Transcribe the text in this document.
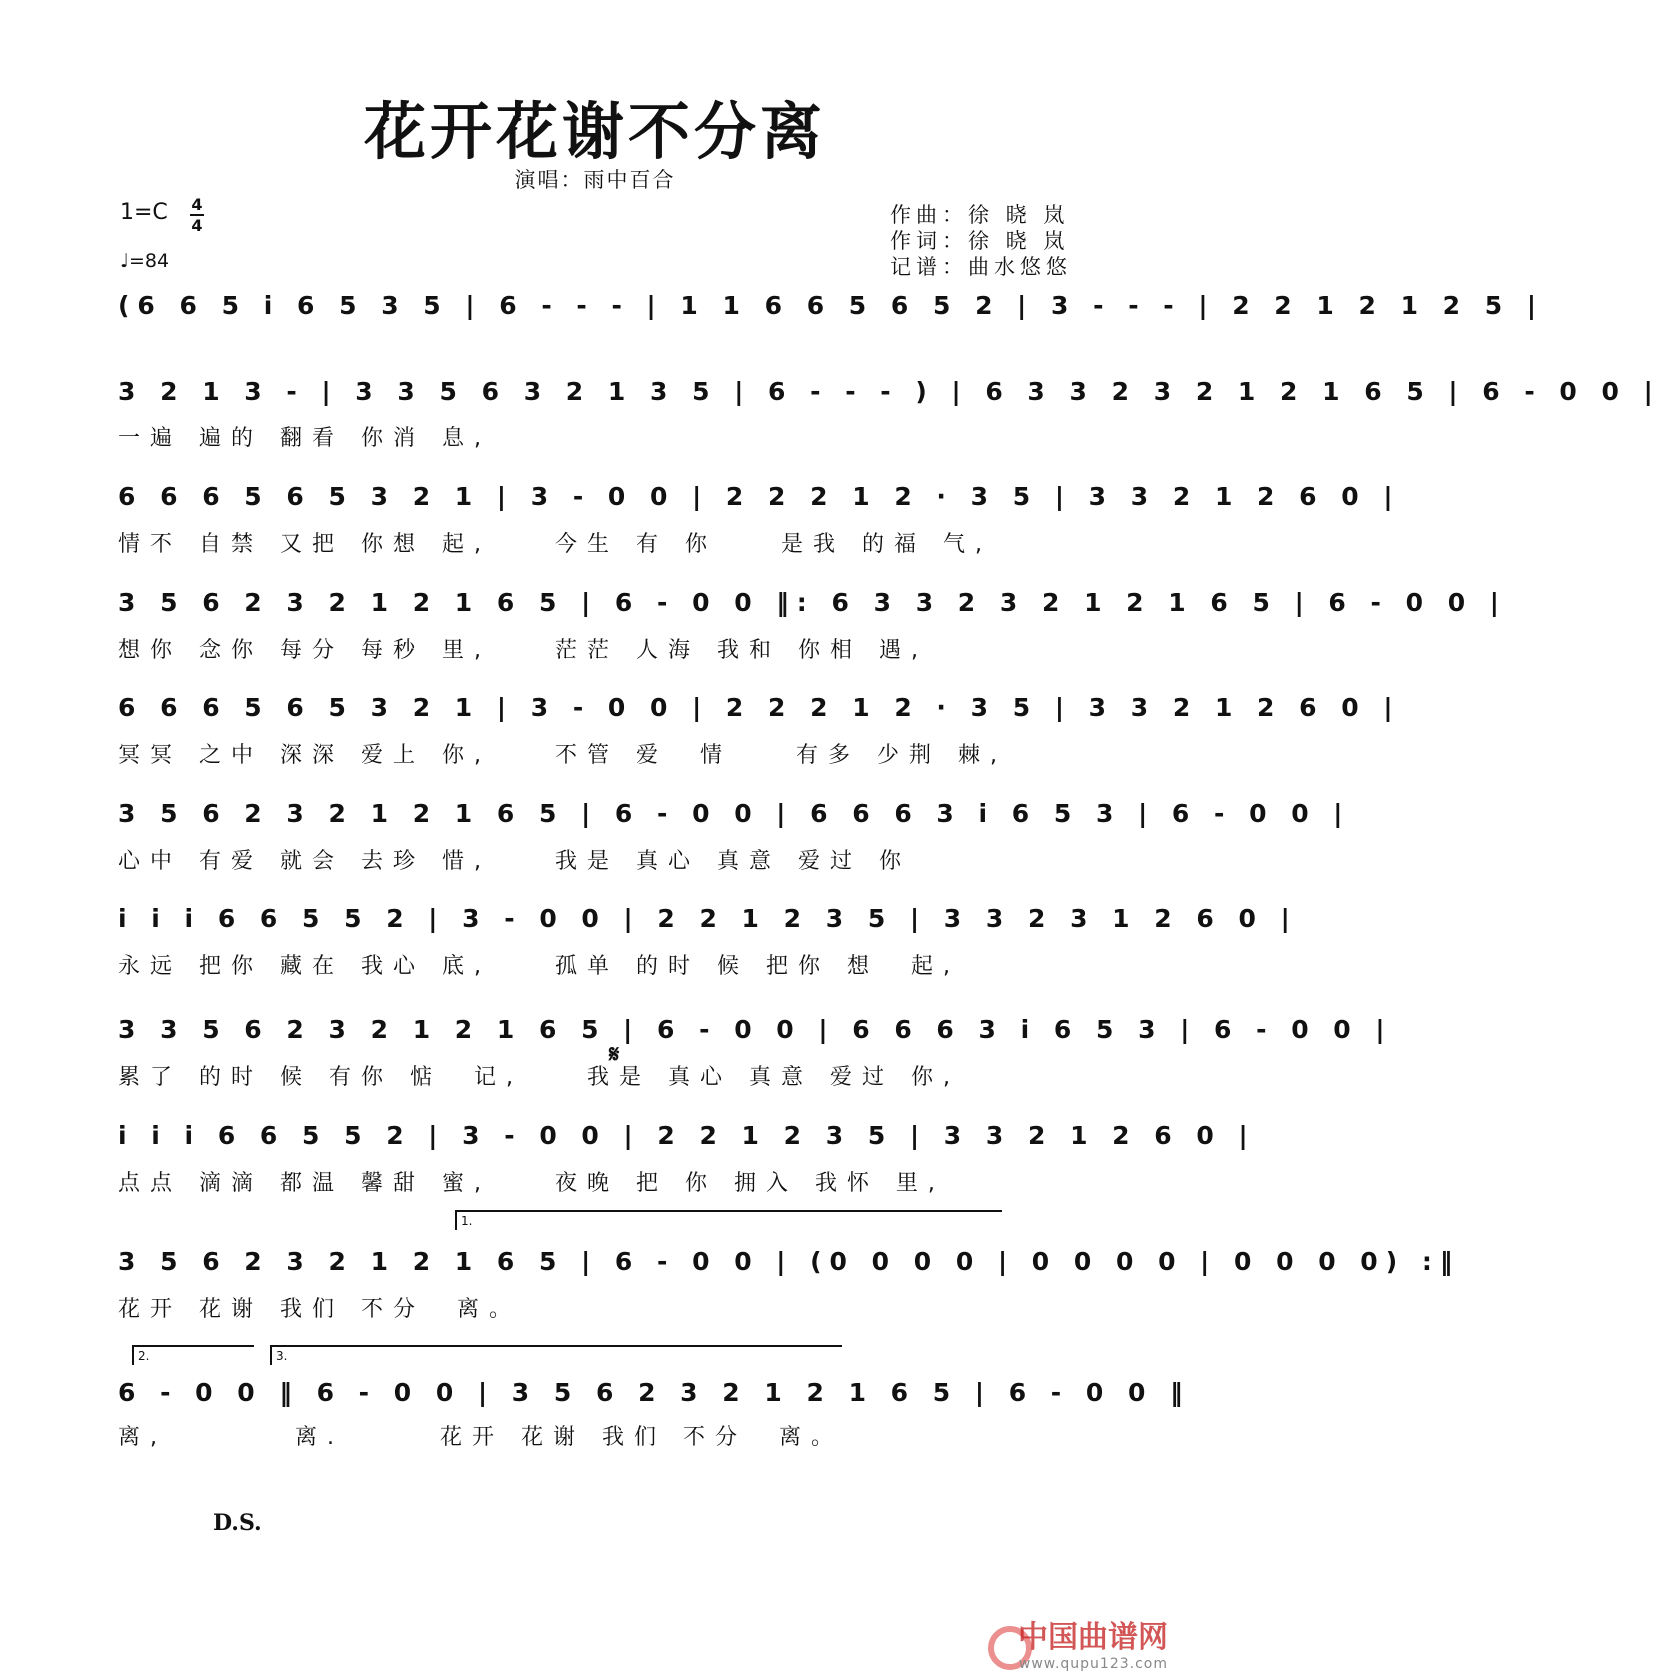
花开花谢不分离
演唱：雨中百合
1=C 4
4
♩=84
作曲：徐 晓 岚
作词：徐 晓 岚
记谱：曲水悠悠
(6 6 5 i 6 5 3 5 | 6 - - - | 1 1 6 6 5 6 5 2 | 3 - - - | 2 2 1 2 1 2 5 |
3 2 1 3 - | 3 3 5 6 3 2 1 3 5 | 6 - - - ) | 6 3 3 2 3 2 1 2 1 6 5 | 6 - 0 0 |
一遍 遍的 翻看 你消 息,
6 6 6 5 6 5 3 2 1 | 3 - 0 0 | 2 2 2 1 2 · 3 5 | 3 3 2 1 2 6 0 |
情不 自禁 又把 你想 起,　　今生 有 你　　是我 的福 气,
3 5 6 2 3 2 1 2 1 6 5 | 6 - 0 0 ‖: 6 3 3 2 3 2 1 2 1 6 5 | 6 - 0 0 |
想你 念你 每分 每秒 里,　　茫茫 人海 我和 你相 遇,
6 6 6 5 6 5 3 2 1 | 3 - 0 0 | 2 2 2 1 2 · 3 5 | 3 3 2 1 2 6 0 |
冥冥 之中 深深 爱上 你,　　不管 爱　情　　有多 少荆 棘,
3 5 6 2 3 2 1 2 1 6 5 | 6 - 0 0 | 6 6 6 3 i 6 5 3 | 6 - 0 0 |
心中 有爱 就会 去珍 惜,　　我是 真心 真意 爱过 你
i i i 6 6 5 5 2 | 3 - 0 0 | 2 2 1 2 3 5 | 3 3 2 3 1 2 6 0 |
永远 把你 藏在 我心 底,　　孤单 的时 候 把你 想　起,
3 3 5 6 2 3 2 1 2 1 6 5 | 6 - 0 0 | 6 6 6 3 i 6 5 3 | 6 - 0 0 |
累了 的时 候 有你 惦　记,　　我是 真心 真意 爱过 你,
i i i 6 6 5 5 2 | 3 - 0 0 | 2 2 1 2 3 5 | 3 3 2 1 2 6 0 |
点点 滴滴 都温 馨甜 蜜,　　夜晚 把 你 拥入 我怀 里,
3 5 6 2 3 2 1 2 1 6 5 | 6 - 0 0 | (0 0 0 0 | 0 0 0 0 | 0 0 0 0) :‖
花开 花谢 我们 不分　离。
6 - 0 0 ‖ 6 - 0 0 | 3 5 6 2 3 2 1 2 1 6 5 | 6 - 0 0 ‖
离,　　　　离.　　　花开 花谢 我们 不分　离。
1.
2.	3.
𝄋
D.S.
中国曲谱网
www.qupu123.com
